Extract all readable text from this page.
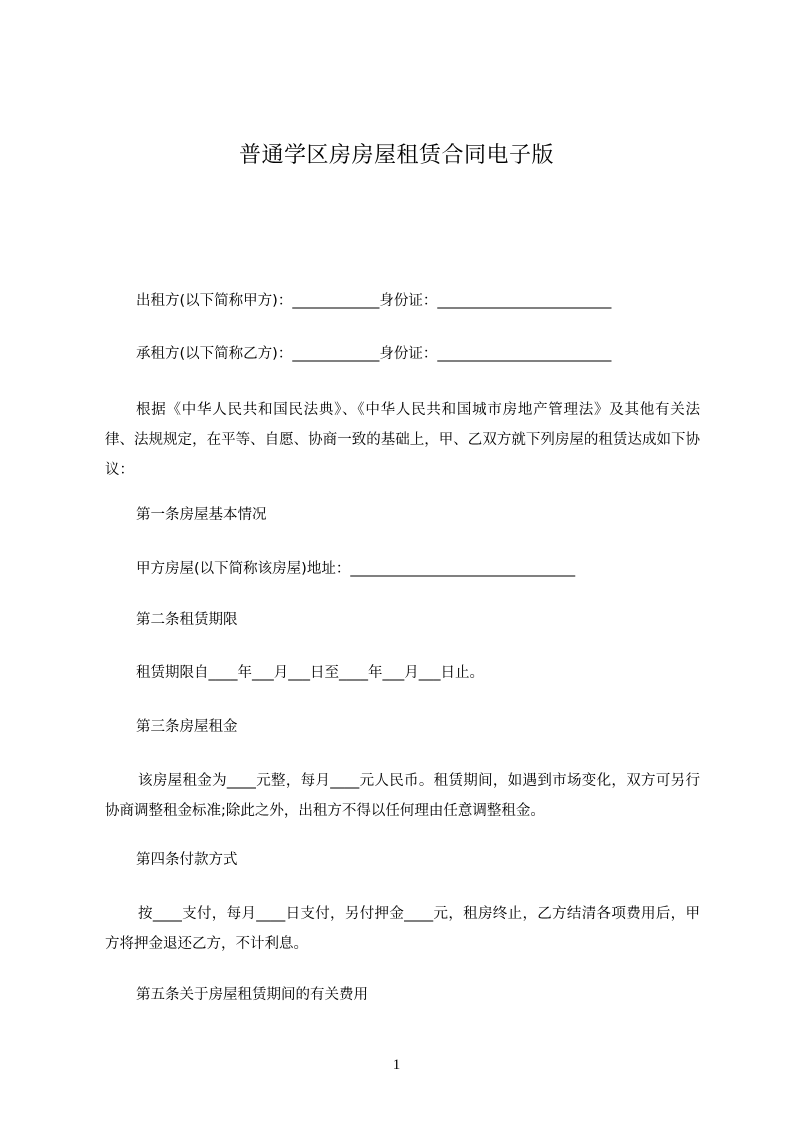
普通学区房房屋租赁合同电子版
出租方(以下简称甲方)：____________身份证：________________________
承租方(以下简称乙方)：____________身份证：________________________
根据《中华人民共和国民法典》、《中华人民共和国城市房地产管理法》及其他有关法律、法规规定，在平等、自愿、协商一致的基础上，甲、乙双方就下列房屋的租赁达成如下协议：
第一条房屋基本情况
甲方房屋(以下简称该房屋)地址：_______________________________
第二条租赁期限
租赁期限自____年___月___日至____年___月___日止。
第三条房屋租金
该房屋租金为____元整，每月____元人民币。租赁期间，如遇到市场变化，双方可另行协商调整租金标准;除此之外，出租方不得以任何理由任意调整租金。
第四条付款方式
按____支付，每月____日支付，另付押金____元，租房终止，乙方结清各项费用后，甲方将押金退还乙方，不计利息。
第五条关于房屋租赁期间的有关费用
1
